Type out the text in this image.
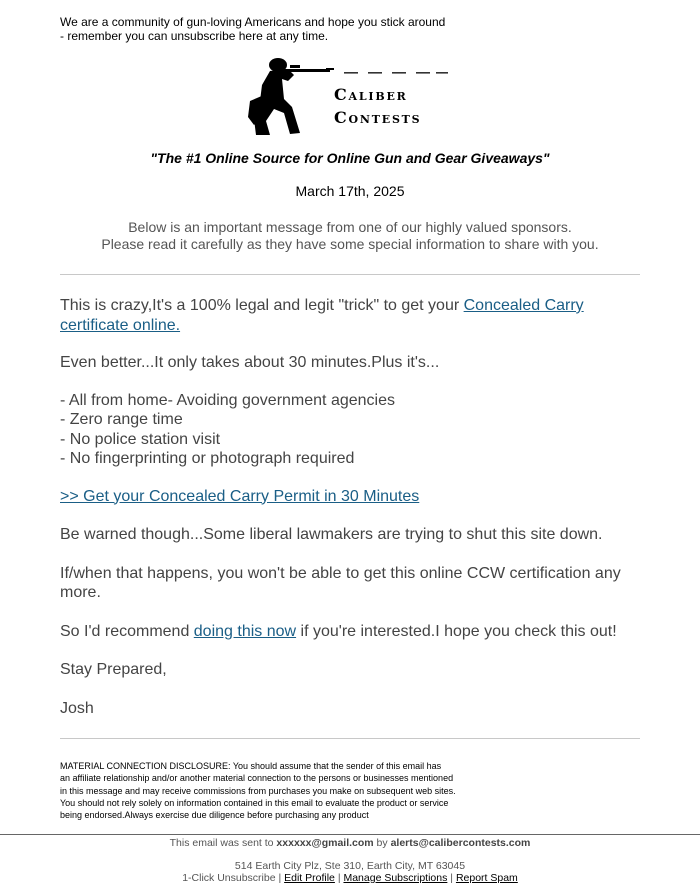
We are a community of gun-loving Americans and hope you stick around
- remember you can unsubscribe here at any time.
Caliber
Contests
"The #1 Online Source for Online Gun and Gear Giveaways"
March 17th, 2025
Below is an important message from one of our highly valued sponsors.
Please read it carefully as they have some special information to share with you.

This is crazy,It's a 100% legal and legit "trick" to get your Concealed Carry certificate online.

Even better...It only takes about 30 minutes.Plus it's...

- All from home- Avoiding government agencies
- Zero range time
- No police station visit
- No fingerprinting or photograph required

>> Get your Concealed Carry Permit in 30 Minutes

Be warned though...Some liberal lawmakers are trying to shut this site down.

If/when that happens, you won't be able to get this online CCW certification any more.

So I'd recommend doing this now if you're interested.I hope you check this out!

Stay Prepared,

Josh

MATERIAL CONNECTION DISCLOSURE: You should assume that the sender of this email has
an affiliate relationship and/or another material connection to the persons or businesses mentioned
in this message and may receive commissions from purchases you make on subsequent web sites.
You should not rely solely on information contained in this email to evaluate the product or service
being endorsed.Always exercise due diligence before purchasing any product
This email was sent to xxxxxx@gmail.com by alerts@calibercontests.com
514 Earth City Plz, Ste 310, Earth City, MT 63045
1-Click Unsubscribe | Edit Profile | Manage Subscriptions | Report Spam
